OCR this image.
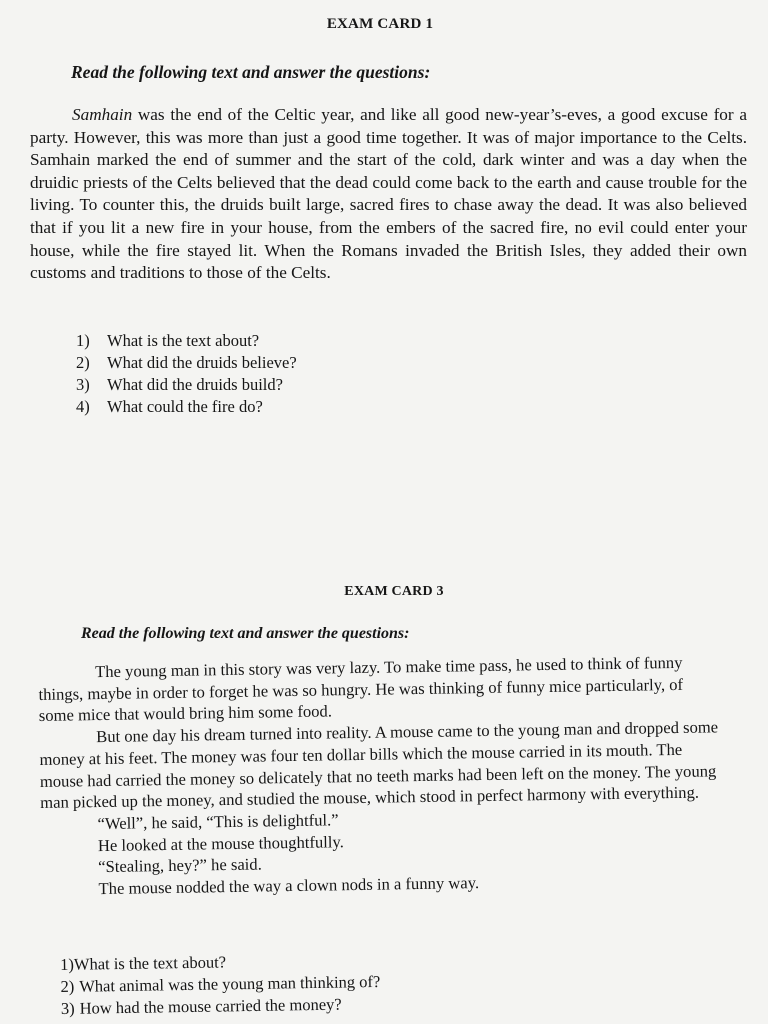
EXAM CARD 1
Read the following text and answer the questions:

Samhain was the end of the Celtic year, and like all good new-year’s-eves, a good excuse for a party. However, this was more than just a good time together. It was of major importance to the Celts. Samhain marked the end of summer and the start of the cold, dark winter and was a day when the druidic priests of the Celts believed that the dead could come back to the earth and cause trouble for the living. To counter this, the druids built large, sacred fires to chase away the dead. It was also believed that if you lit a new fire in your house, from the embers of the sacred fire, no evil could enter your house, while the fire stayed lit. When the Romans invaded the British Isles, they added their own customs and traditions to those of the Celts.

1) What is the text about?
2) What did the druids believe?
3) What did the druids build?
4) What could the fire do?
EXAM CARD 3
Read the following text and answer the questions:

The young man in this story was very lazy. To make time pass, he used to think of funny things, maybe in order to forget he was so hungry. He was thinking of funny mice particularly, of some mice that would bring him some food.

But one day his dream turned into reality. A mouse came to the young man and dropped some money at his feet. The money was four ten dollar bills which the mouse carried in its mouth. The mouse had carried the money so delicately that no teeth marks had been left on the money. The young man picked up the money, and studied the mouse, which stood in perfect harmony with everything.

“Well”, he said, “This is delightful.”

He looked at the mouse thoughtfully.

“Stealing, hey?” he said.

The mouse nodded the way a clown nods in a funny way.

1)What is the text about?
2) What animal was the young man thinking of?
3) How had the mouse carried the money?
